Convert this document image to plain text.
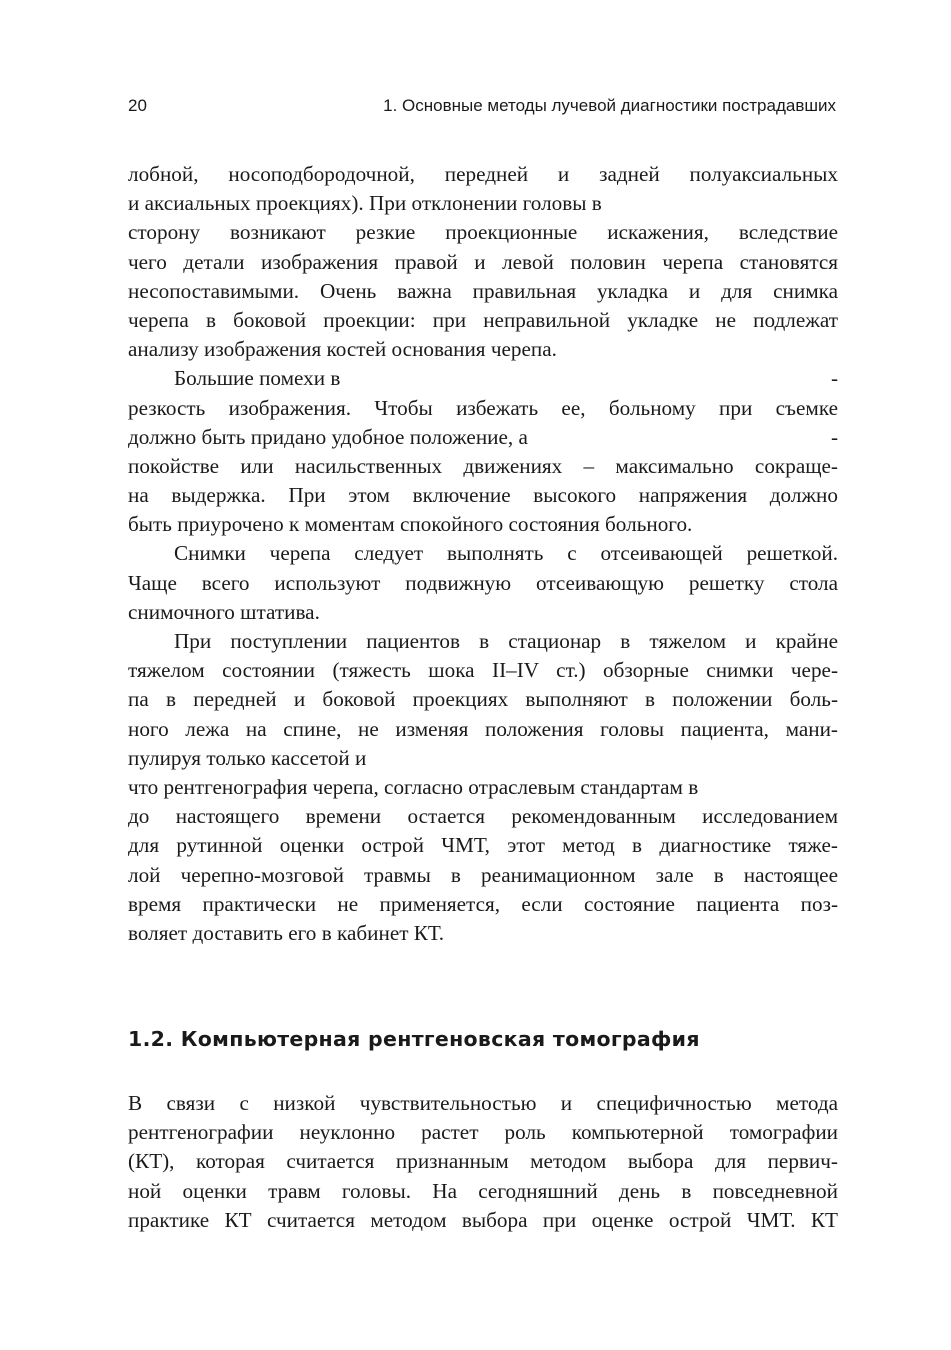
20	1. Основные методы лучевой диагностики пострадавших
лобной, носоподбородочной, передней и задней полуаксиальных
и аксиальных проекциях). При отклонении головы в
сторону возникают резкие проекционные искажения, вследствие
чего детали изображения правой и левой половин черепа становятся
несопоставимыми. Очень важна правильная укладка и для снимка
черепа в боковой проекции: при неправильной укладке не подлежат
анализу изображения костей основания черепа.
Большие помехи в	-
резкость изображения. Чтобы избежать ее, больному при съемке
должно быть придано удобное положение, а	-
покойстве или насильственных движениях – максимально сокраще-
на выдержка. При этом включение высокого напряжения должно
быть приурочено к моментам спокойного состояния больного.
Снимки черепа следует выполнять с отсеивающей решеткой.
Чаще всего используют подвижную отсеивающую решетку стола
снимочного штатива.
При поступлении пациентов в стационар в тяжелом и крайне
тяжелом состоянии (тяжесть шока II–IV ст.) обзорные снимки чере-
па в передней и боковой проекциях выполняют в положении боль-
ного лежа на спине, не изменяя положения головы пациента, мани-
пулируя только кассетой и
что рентгенография черепа, согласно отраслевым стандартам в
до настоящего времени остается рекомендованным исследованием
для рутинной оценки острой ЧМТ, этот метод в диагностике тяже-
лой черепно-мозговой травмы в реанимационном зале в настоящее
время практически не применяется, если состояние пациента поз-
воляет доставить его в кабинет КТ.
1.2. Компьютерная рентгеновская томография
В связи с низкой чувствительностью и специфичностью метода
рентгенографии неуклонно растет роль компьютерной томографии
(КТ), которая считается признанным методом выбора для первич-
ной оценки травм головы. На сегодняшний день в повседневной
практике КТ считается методом выбора при оценке острой ЧМТ. КТ
